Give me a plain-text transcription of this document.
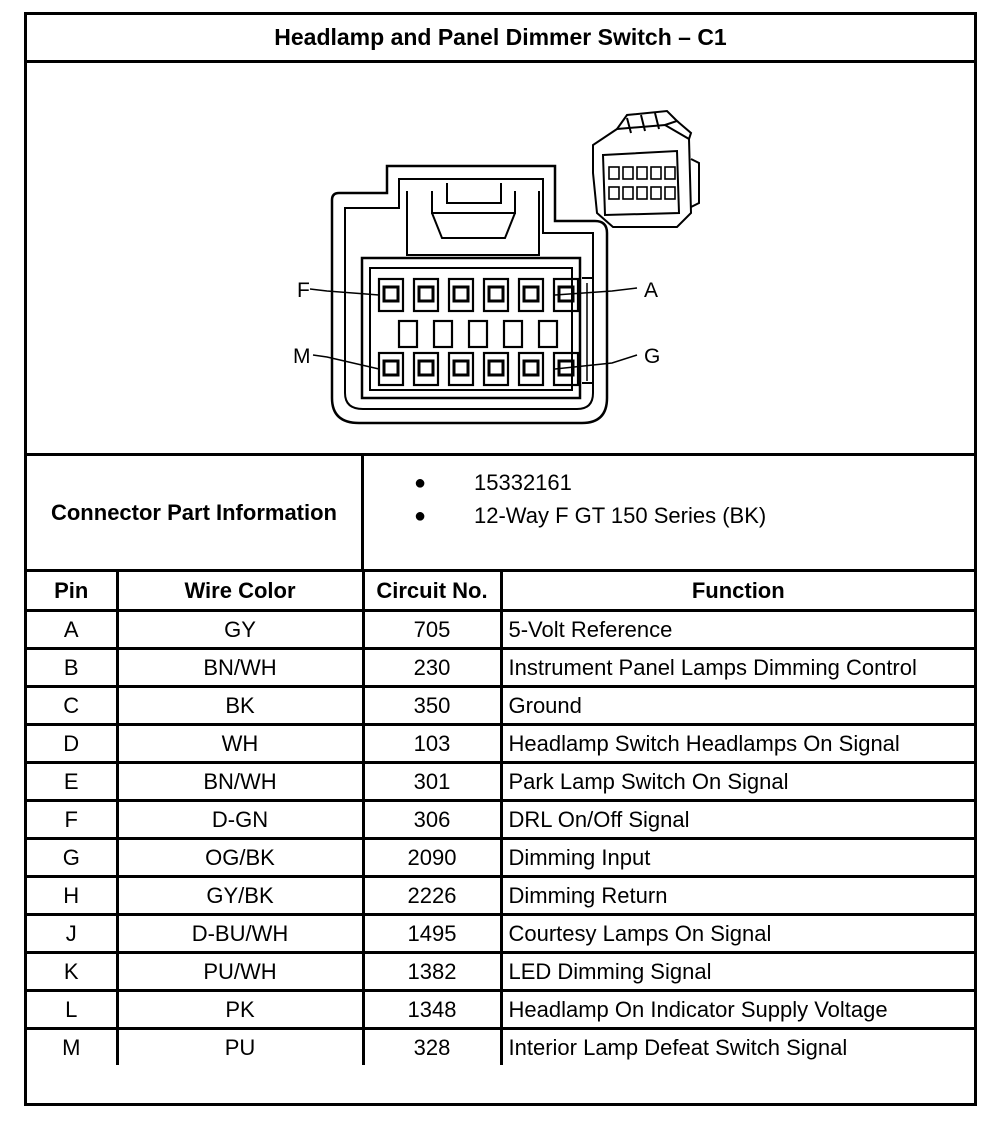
Headlamp and Panel Dimmer Switch – C1
F	A
M	G
Connector Part Information
●	15332161
●	12-Way F GT 150 Series (BK)
Pin	Wire Color	Circuit No.	Function
A	GY	705	5-Volt Reference
B	BN/WH	230	Instrument Panel Lamps Dimming Control
C	BK	350	Ground
D	WH	103	Headlamp Switch Headlamps On Signal
E	BN/WH	301	Park Lamp Switch On Signal
F	D-GN	306	DRL On/Off Signal
G	OG/BK	2090	Dimming Input
H	GY/BK	2226	Dimming Return
J	D-BU/WH	1495	Courtesy Lamps On Signal
K	PU/WH	1382	LED Dimming Signal
L	PK	1348	Headlamp On Indicator Supply Voltage
M	PU	328	Interior Lamp Defeat Switch Signal
